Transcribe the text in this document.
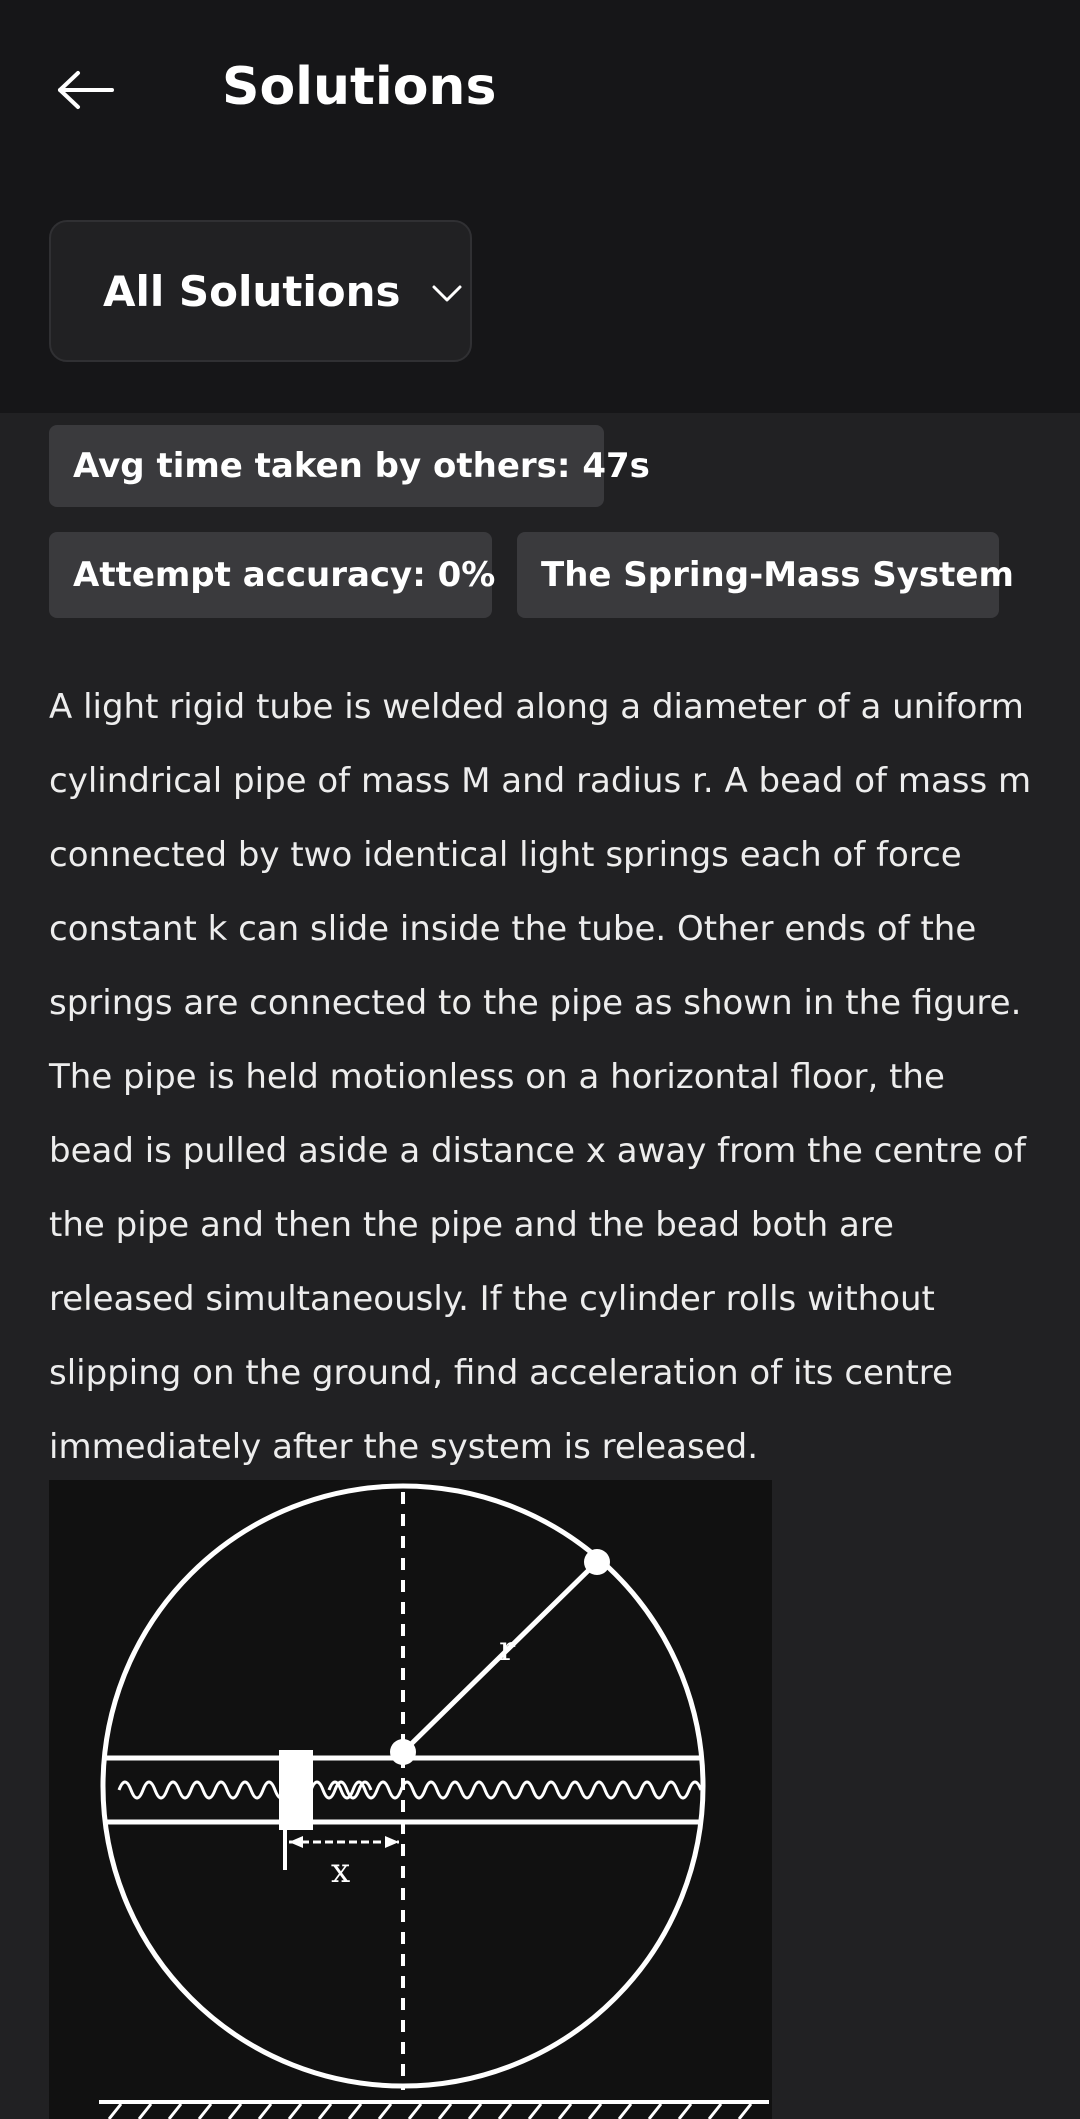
Solutions
All Solutions
Avg time taken by others: 47s
Attempt accuracy: 0%	The Spring-Mass System
A light rigid tube is welded along a diameter of a uniform cylindrical pipe of mass M and radius r. A bead of mass m connected by two identical light springs each of force constant k can slide inside the tube. Other ends of the springs are connected to the pipe as shown in the figure. The pipe is held motionless on a horizontal floor, the bead is pulled aside a distance x away from the centre of the pipe and then the pipe and the bead both are released simultaneously. If the cylinder rolls without slipping on the ground, find acceleration of its centre immediately after the system is released.
x
r
